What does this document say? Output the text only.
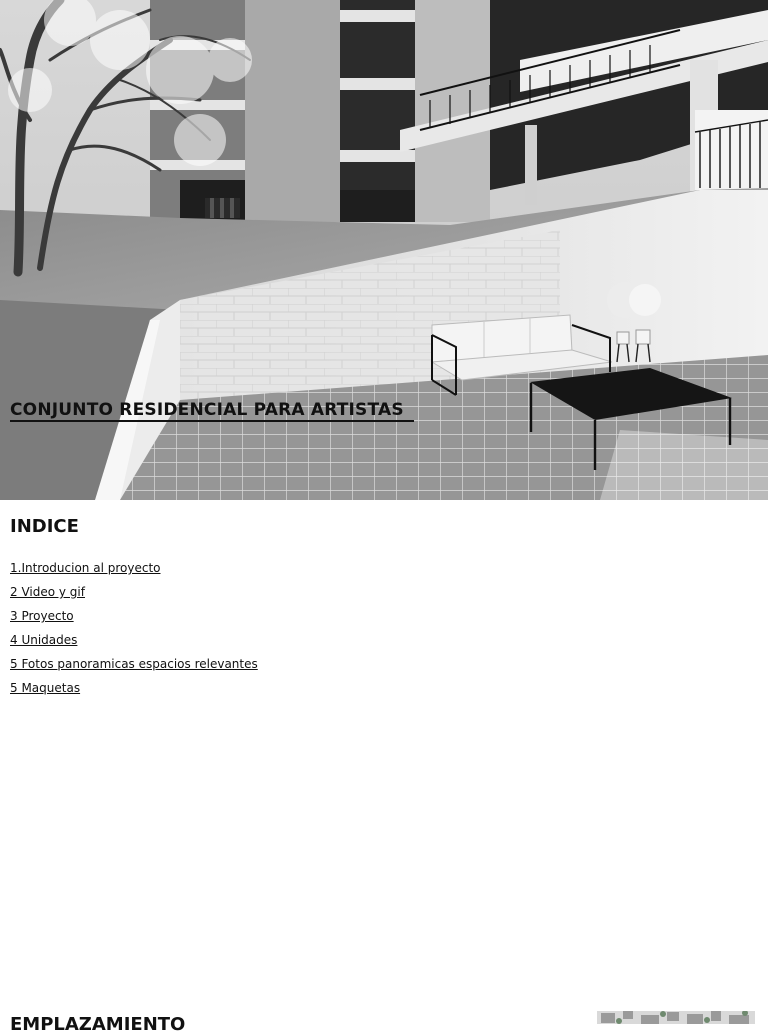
CONJUNTO RESIDENCIAL PARA ARTISTAS
INDICE
1.Introducion al proyecto
2 Video y gif
3 Proyecto
4 Unidades
5 Fotos panoramicas espacios relevantes
5 Maquetas
EMPLAZAMIENTO
